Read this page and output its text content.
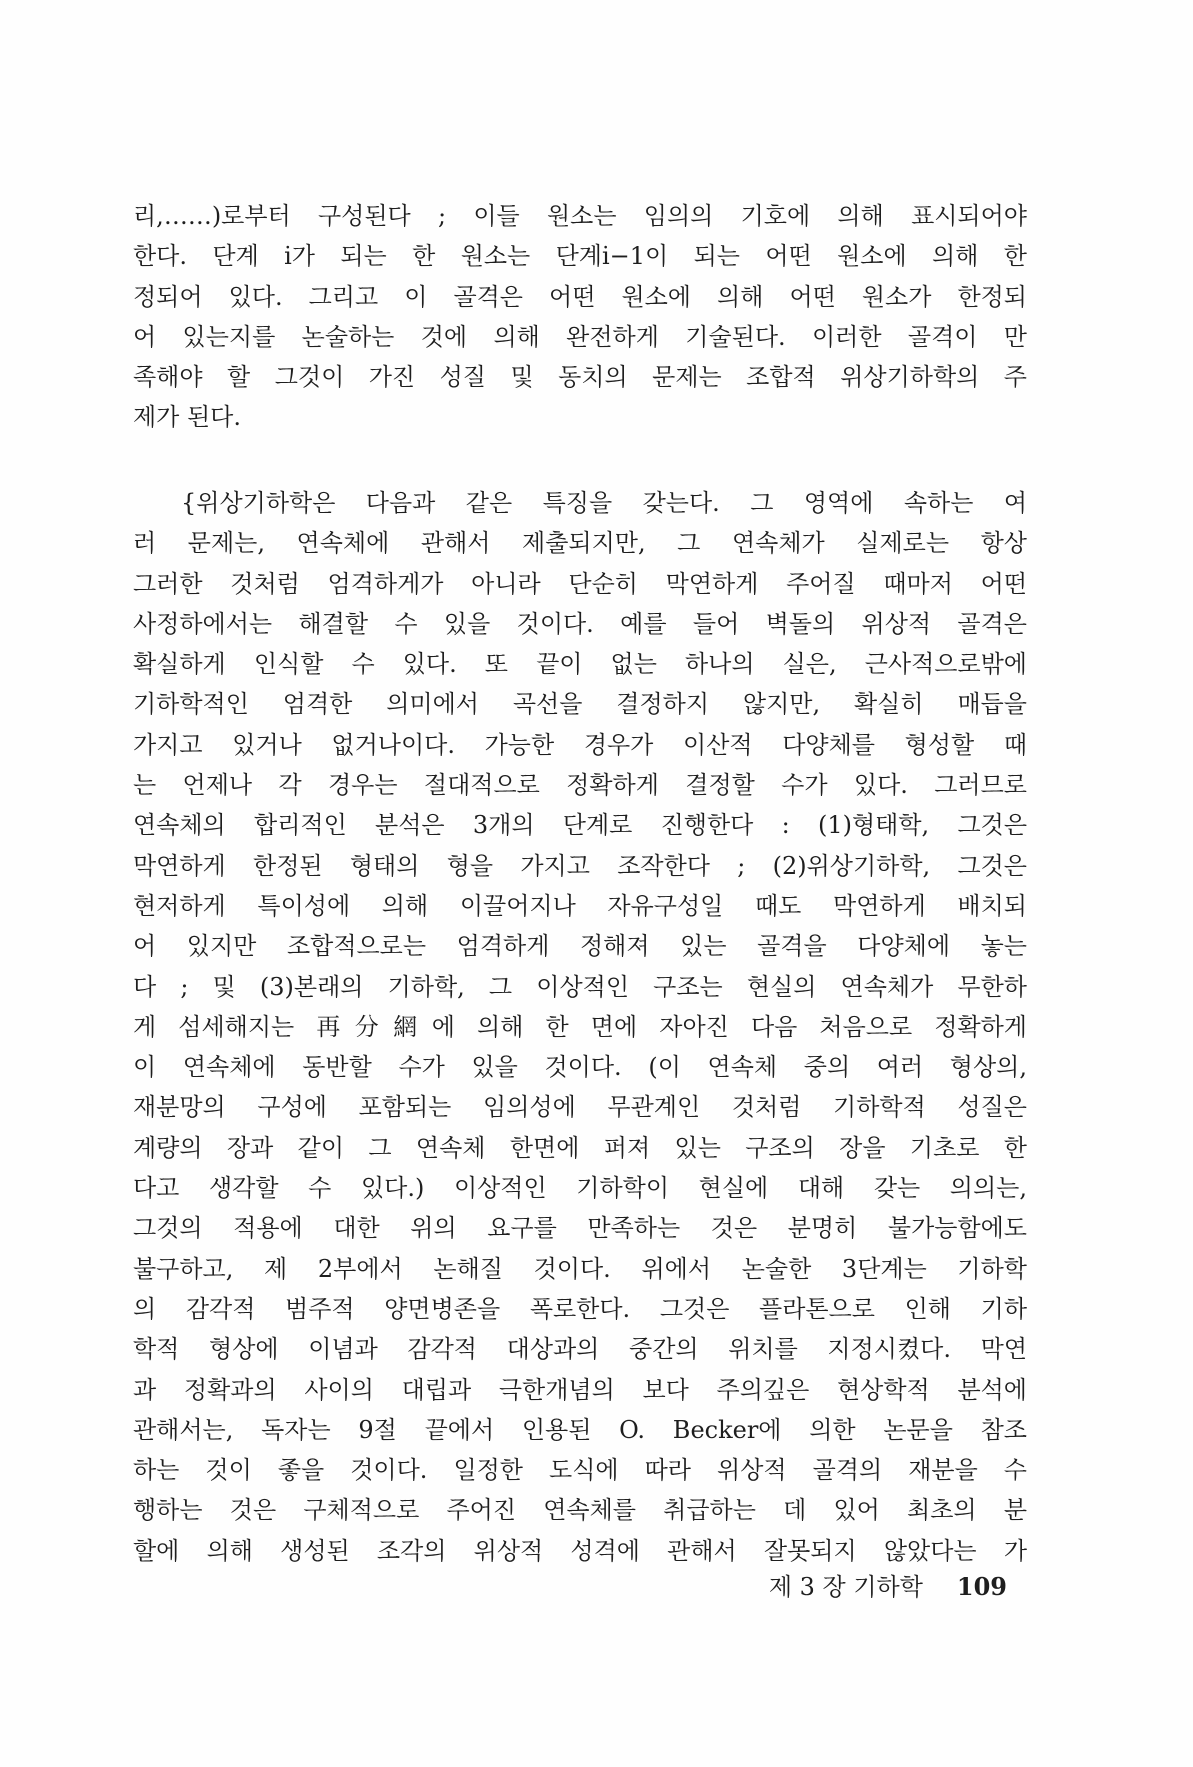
리,……)로부터 구성된다 ; 이들 원소는 임의의 기호에 의해 표시되어야
한다. 단계 i가 되는 한 원소는 단계i−1이 되는 어떤 원소에 의해 한
정되어 있다. 그리고 이 골격은 어떤 원소에 의해 어떤 원소가 한정되
어 있는지를 논술하는 것에 의해 완전하게 기술된다. 이러한 골격이 만
족해야 할 그것이 가진 성질 및 동치의 문제는 조합적 위상기하학의 주
제가 된다.
{위상기하학은 다음과 같은 특징을 갖는다. 그 영역에 속하는 여
러 문제는, 연속체에 관해서 제출되지만, 그 연속체가 실제로는 항상
그러한 것처럼 엄격하게가 아니라 단순히 막연하게 주어질 때마저 어떤
사정하에서는 해결할 수 있을 것이다. 예를 들어 벽돌의 위상적 골격은
확실하게 인식할 수 있다. 또 끝이 없는 하나의 실은, 근사적으로밖에
기하학적인 엄격한 의미에서 곡선을 결정하지 않지만, 확실히 매듭을
가지고 있거나 없거나이다. 가능한 경우가 이산적 다양체를 형성할 때
는 언제나 각 경우는 절대적으로 정확하게 결정할 수가 있다. 그러므로
연속체의 합리적인 분석은 3개의 단계로 진행한다 : (1)형태학, 그것은
막연하게 한정된 형태의 형을 가지고 조작한다 ; (2)위상기하학, 그것은
현저하게 특이성에 의해 이끌어지나 자유구성일 때도 막연하게 배치되
어 있지만 조합적으로는 엄격하게 정해져 있는 골격을 다양체에 놓는
다 ; 및 (3)본래의 기하학, 그 이상적인 구조는 현실의 연속체가 무한하
게 섬세해지는 再分網에 의해 한 면에 자아진 다음 처음으로 정확하게
이 연속체에 동반할 수가 있을 것이다. (이 연속체 중의 여러 형상의,
재분망의 구성에 포함되는 임의성에 무관계인 것처럼 기하학적 성질은
계량의 장과 같이 그 연속체 한면에 퍼져 있는 구조의 장을 기초로 한
다고 생각할 수 있다.) 이상적인 기하학이 현실에 대해 갖는 의의는,
그것의 적용에 대한 위의 요구를 만족하는 것은 분명히 불가능함에도
불구하고, 제 2부에서 논해질 것이다. 위에서 논술한 3단계는 기하학
의 감각적 범주적 양면병존을 폭로한다. 그것은 플라톤으로 인해 기하
학적 형상에 이념과 감각적 대상과의 중간의 위치를 지정시켰다. 막연
과 정확과의 사이의 대립과 극한개념의 보다 주의깊은 현상학적 분석에
관해서는, 독자는 9절 끝에서 인용된 O. Becker에 의한 논문을 참조
하는 것이 좋을 것이다. 일정한 도식에 따라 위상적 골격의 재분을 수
행하는 것은 구체적으로 주어진 연속체를 취급하는 데 있어 최초의 분
할에 의해 생성된 조각의 위상적 성격에 관해서 잘못되지 않았다는 가
제 3 장 기하학 109
